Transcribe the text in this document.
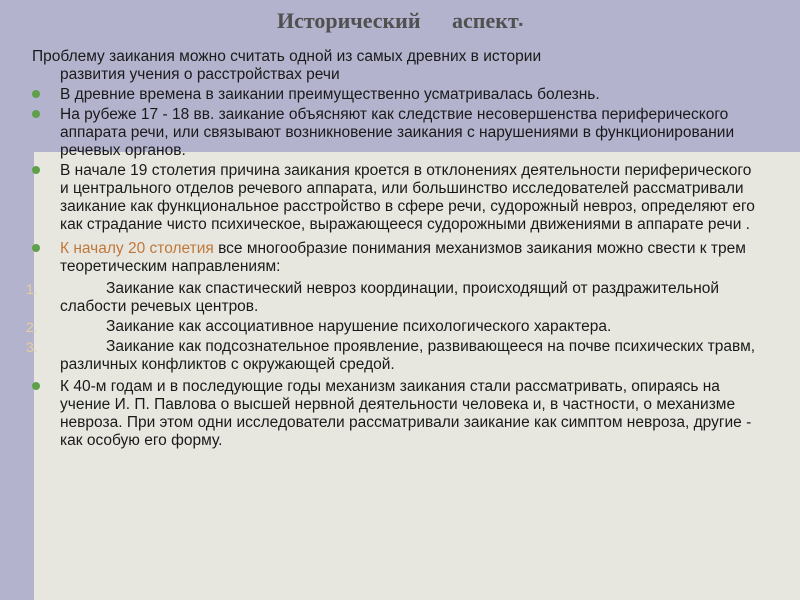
Исторический аспект▪
Проблему заикания можно считать одной из самых древних в истории
развития учения о расстройствах речи
В древние времена в заикании преимущественно усматривалась болезнь.
На рубеже 17 - 18 вв. заикание объясняют как следствие несовершенства периферического аппарата речи, или связывают возникновение заикания с нарушениями в функционировании речевых органов.
В начале 19 столетия причина заикания кроется в отклонениях деятельности периферического и центрального отделов речевого аппарата, или большинство исследователей рассматривали заикание как функциональное расстройство в сфере речи, судорожный невроз, определяют его как страдание чисто психическое, выражающееся судорожными движениями в аппарате речи .
К началу 20 столетия все многообразие понимания механизмов заикания можно свести к трем теоретическим направлениям:
1.	Заикание как спастический невроз координации, происходящий от раздражительной слабости речевых центров.
2.	Заикание как ассоциативное нарушение психологического характера.
3.	Заикание как подсознательное проявление, развивающееся на почве психических травм, различных конфликтов с окружающей средой.
К 40-м годам и в последующие годы механизм заикания стали рассматривать, опираясь на учение И. П. Павлова о высшей нервной деятельности человека и, в частности, о механизме невроза. При этом одни исследователи рассматривали заикание как симптом невроза, другие - как особую его форму.
